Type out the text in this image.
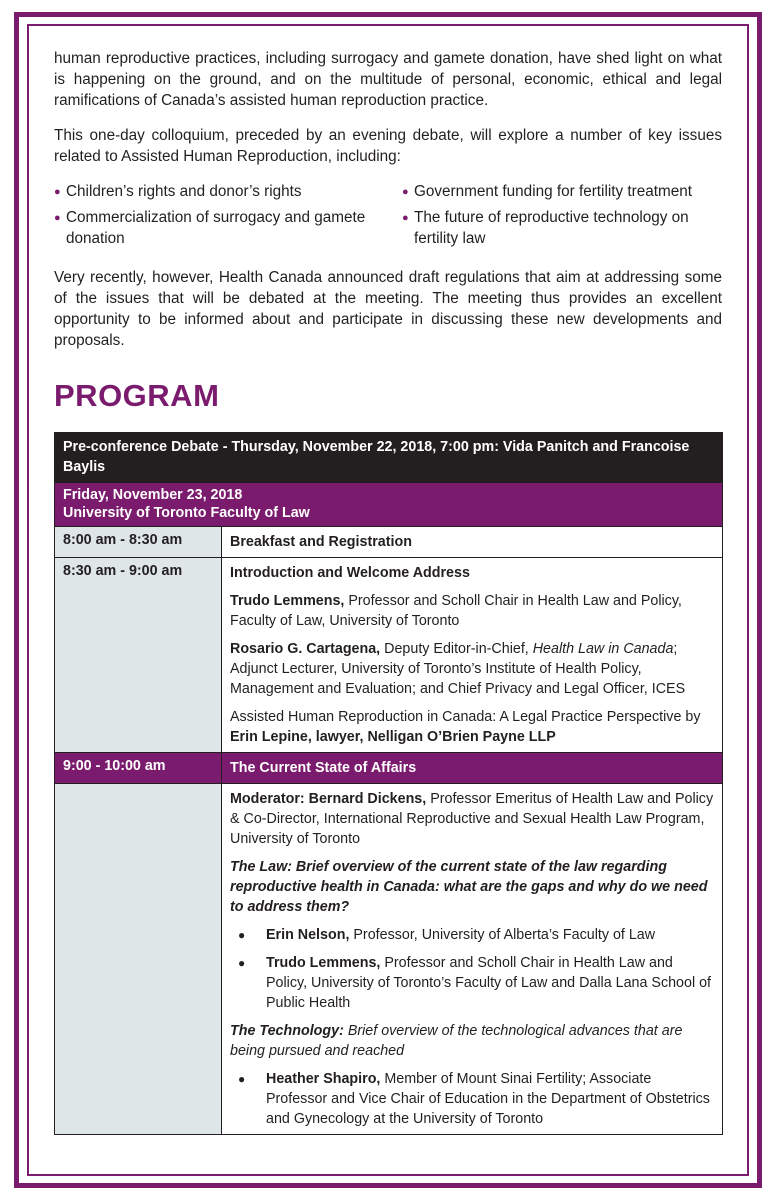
human reproductive practices, including surrogacy and gamete donation, have shed light on what is happening on the ground, and on the multitude of personal, economic, ethical and legal ramifications of Canada’s assisted human reproduction practice.

This one-day colloquium, preceded by an evening debate, will explore a number of key issues related to Assisted Human Reproduction, including:

● Children’s rights and donor’s rights
● Commercialization of surrogacy and gamete donation
● Government funding for fertility treatment
● The future of reproductive technology on fertility law

Very recently, however, Health Canada announced draft regulations that aim at addressing some of the issues that will be debated at the meeting. The meeting thus provides an excellent opportunity to be informed about and participate in discussing these new developments and proposals.

PROGRAM
Pre-conference Debate - Thursday, November 22, 2018, 7:00 pm: Vida Panitch and Francoise Baylis
Friday, November 23, 2018
University of Toronto Faculty of Law
8:00 am - 8:30 am	Breakfast and Registration
8:30 am - 9:00 am	Introduction and Welcome Address
Trudo Lemmens, Professor and Scholl Chair in Health Law and Policy, Faculty of Law, University of Toronto
Rosario G. Cartagena, Deputy Editor-in-Chief, Health Law in Canada; Adjunct Lecturer, University of Toronto’s Institute of Health Policy, Management and Evaluation; and Chief Privacy and Legal Officer, ICES
Assisted Human Reproduction in Canada: A Legal Practice Perspective by Erin Lepine, lawyer, Nelligan O’Brien Payne LLP
9:00 - 10:00 am	The Current State of Affairs
Moderator: Bernard Dickens, Professor Emeritus of Health Law and Policy & Co-Director, International Reproductive and Sexual Health Law Program, University of Toronto
The Law: Brief overview of the current state of the law regarding reproductive health in Canada: what are the gaps and why do we need to address them?
●	Erin Nelson, Professor, University of Alberta’s Faculty of Law
●	Trudo Lemmens, Professor and Scholl Chair in Health Law and Policy, University of Toronto’s Faculty of Law and Dalla Lana School of Public Health
The Technology: Brief overview of the technological advances that are being pursued and reached
●	Heather Shapiro, Member of Mount Sinai Fertility; Associate Professor and Vice Chair of Education in the Department of Obstetrics and Gynecology at the University of Toronto
